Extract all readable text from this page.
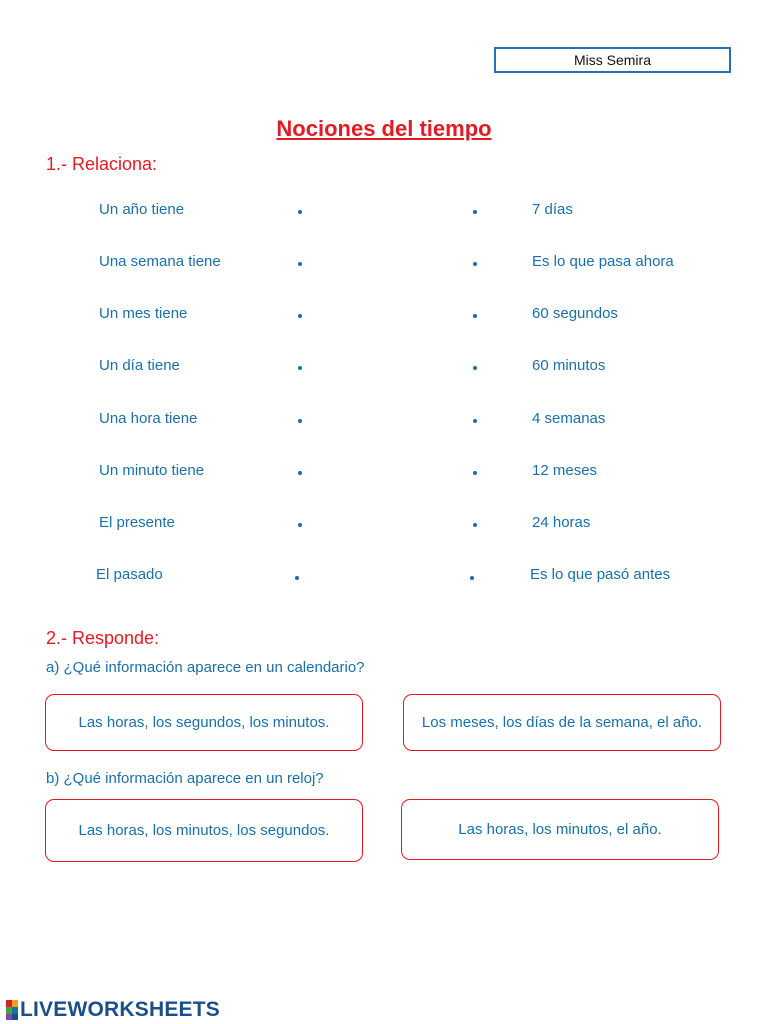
Miss Semira
Nociones del tiempo
1.- Relaciona:
Un año tiene	7 días
Una semana tiene	Es lo que pasa ahora
Un mes tiene	60 segundos
Un día tiene	60 minutos
Una hora tiene	4 semanas
Un minuto tiene	12 meses
El presente	24 horas
El pasado	Es lo que pasó antes
2.- Responde:
a) ¿Qué información aparece en un calendario?
Las horas, los segundos, los minutos.	Los meses, los días de la semana, el año.
b) ¿Qué información aparece en un reloj?
Las horas, los minutos, los segundos.	Las horas, los minutos, el año.
LIVEWORKSHEETS
